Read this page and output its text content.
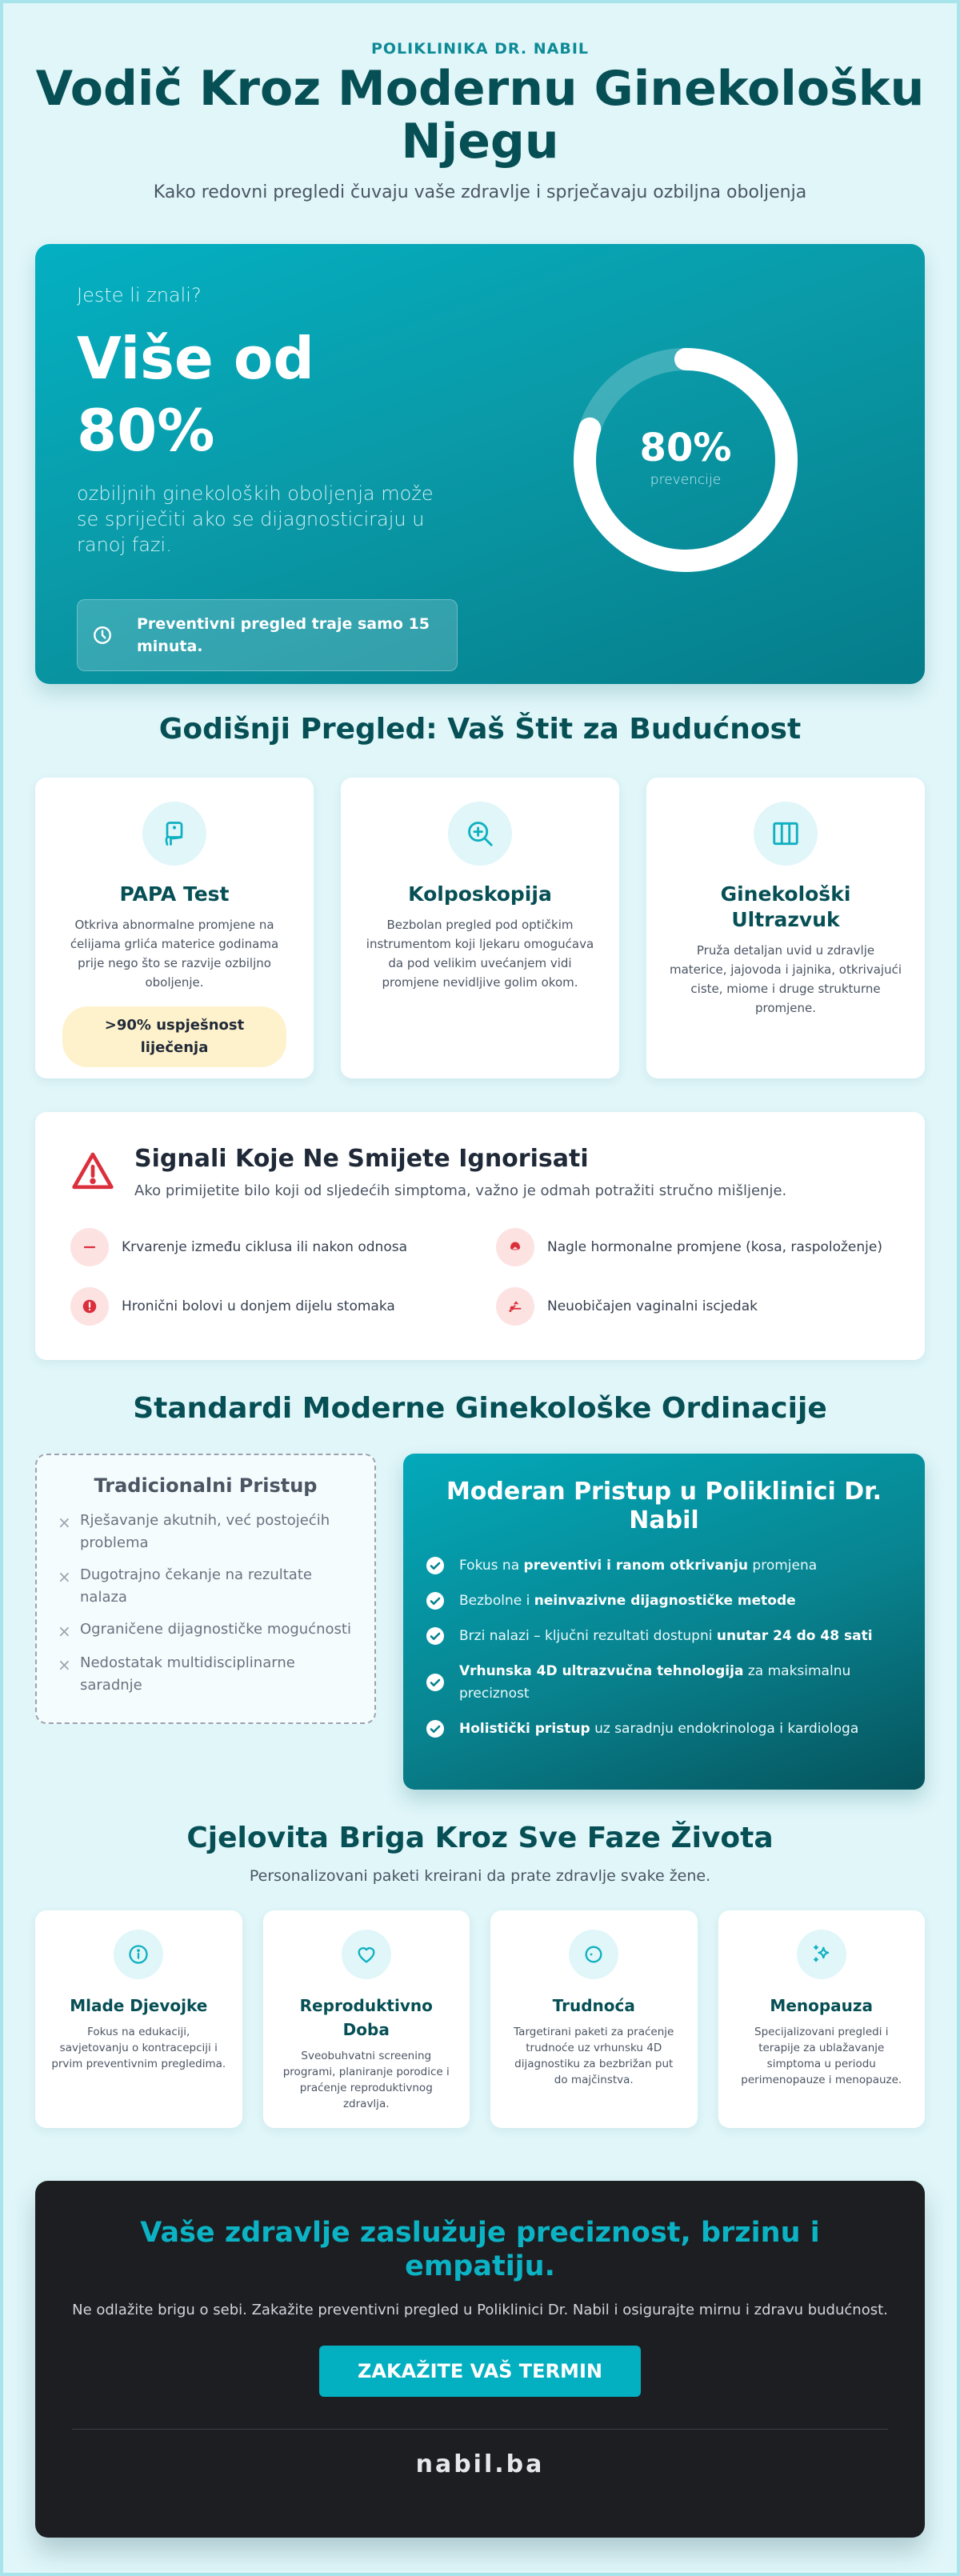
POLIKLINIKA DR. NABIL
Vodič Kroz Modernu Ginekološku Njegu

Kako redovni pregledi čuvaju vaše zdravlje i sprječavaju ozbiljna oboljenja

Jeste li znali?
Više od
80%

ozbiljnih ginekoloških oboljenja može se spriječiti ako se dijagnosticiraju u ranoj fazi.

Preventivni pregled traje samo 15 minuta.
80%
prevencije
Godišnji Pregled: Vaš Štit za Budućnost
PAPA Test

Otkriva abnormalne promjene na ćelijama grlića materice godinama prije nego što se razvije ozbiljno oboljenje.

>90% uspješnost liječenja
Kolposkopija

Bezbolan pregled pod optičkim instrumentom koji ljekaru omogućava da pod velikim uvećanjem vidi promjene nevidljive golim okom.

Ginekološki Ultrazvuk

Pruža detaljan uvid u zdravlje materice, jajovoda i jajnika, otkrivajući ciste, miome i druge strukturne promjene.

Signali Koje Ne Smijete Ignorisati
Ako primijetite bilo koji od sljedećih simptoma, važno je odmah potražiti stručno mišljenje.
Krvarenje između ciklusa ili nakon odnosa	Nagle hormonalne promjene (kosa, raspoloženje)
Hronični bolovi u donjem dijelu stomaka	Neuobičajen vaginalni iscjedak
Standardi Moderne Ginekološke Ordinacije
Tradicionalni Pristup
× Rješavanje akutnih, već postojećih problema
× Dugotrajno čekanje na rezultate nalaza
× Ograničene dijagnostičke mogućnosti
× Nedostatak multidisciplinarne saradnje
Moderan Pristup u Poliklinici Dr. Nabil
Fokus na preventivi i ranom otkrivanju promjena
Bezbolne i neinvazivne dijagnostičke metode
Brzi nalazi – ključni rezultati dostupni unutar 24 do 48 sati
Vrhunska 4D ultrazvučna tehnologija za maksimalnu preciznost
Holistički pristup uz saradnju endokrinologa i kardiologa
Cjelovita Briga Kroz Sve Faze Života

Personalizovani paketi kreirani da prate zdravlje svake žene.

Mlade Djevojke

Fokus na edukaciji, savjetovanju o kontracepciji i prvim preventivnim pregledima.

Reproduktivno Doba

Sveobuhvatni screening programi, planiranje porodice i praćenje reproduktivnog zdravlja.

Trudnoća

Targetirani paketi za praćenje trudnoće uz vrhunsku 4D dijagnostiku za bezbrižan put do majčinstva.

Menopauza

Specijalizovani pregledi i terapije za ublažavanje simptoma u periodu perimenopauze i menopauze.

Vaše zdravlje zaslužuje preciznost, brzinu i empatiju.

Ne odlažite brigu o sebi. Zakažite preventivni pregled u Poliklinici Dr. Nabil i osigurajte mirnu i zdravu budućnost.

ZAKAŽITE VAŠ TERMIN
nabil.ba
